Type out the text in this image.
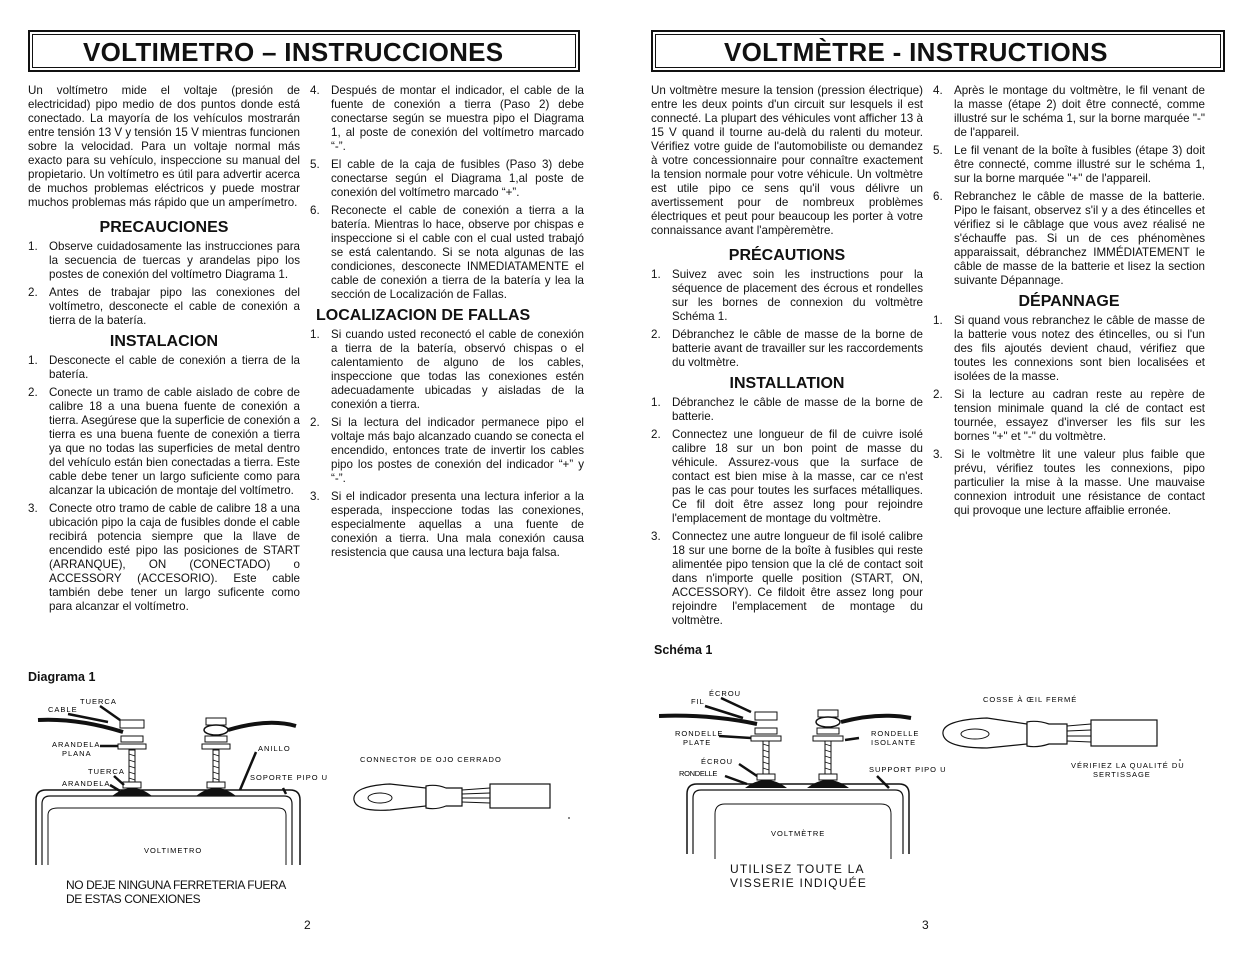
VOLTIMETRO – INSTRUCCIONES

Un voltímetro mide el voltaje (presión de electricidad) pipo medio de dos puntos donde está conectado. La mayoría de los vehículos mostrarán entre tensión 13 V y tensión 15 V mientras funcionen sobre la velocidad. Para un voltaje normal más exacto para su vehículo, inspeccione su manual del propietario. Un voltímetro es útil para advertir acerca de muchos problemas eléctricos y puede mostrar muchos problemas más rápido que un amperímetro.

PRECAUCIONES
1. Observe cuidadosamente las instrucciones para la secuencia de tuercas y arandelas pipo los postes de conexión del voltímetro Diagrama 1.
2. Antes de trabajar pipo las conexiones del voltímetro, desconecte el cable de conexión a tierra de la batería.
INSTALACION
1. Desconecte el cable de conexión a tierra de la batería.
2. Conecte un tramo de cable aislado de cobre de calibre 18 a una buena fuente de conexión a tierra. Asegúrese que la superficie de conexión a tierra es una buena fuente de conexión a tierra ya que no todas las superficies de metal dentro del vehículo están bien conectadas a tierra. Este cable debe tener un largo suficiente como para alcanzar la ubicación de montaje del voltímetro.
3. Conecte otro tramo de cable de calibre 18 a una ubicación pipo la caja de fusibles donde el cable recibirá potencia siempre que la llave de encendido esté pipo las posiciones de START (ARRANQUE), ON (CONECTADO) o ACCESSORY (ACCESORIO). Este cable también debe tener un largo suficente como para alcanzar el voltímetro.
4. Después de montar el indicador, el cable de la fuente de conexión a tierra (Paso 2) debe conectarse según se muestra pipo el Diagrama 1, al poste de conexión del voltímetro marcado “-”.
5. El cable de la caja de fusibles (Paso 3) debe conectarse según el Diagrama 1,al poste de conexión del voltímetro marcado “+”.
6. Reconecte el cable de conexión a tierra a la batería. Mientras lo hace, observe por chispas e inspeccione si el cable con el cual usted trabajó se está calentando. Si se nota algunas de las condiciones, desconecte INMEDIATAMENTE el cable de conexión a tierra de la batería y lea la sección de Localización de Fallas.
LOCALIZACION DE FALLAS
1. Si cuando usted reconectó el cable de conexión a tierra de la batería, observó chispas o el calentamiento de alguno de los cables, inspeccione que todas las conexiones estén adecuadamente ubicadas y aisladas de la conexión a tierra.
2. Si la lectura del indicador permanece pipo el voltaje más bajo alcanzado cuando se conecta el encendido, entonces trate de invertir los cables pipo los postes de conexión del indicador “+” y “-”.
3. Si el indicador presenta una lectura inferior a la esperada, inspeccione todas las conexiones, especialmente aquellas a una fuente de conexión a tierra. Una mala conexión causa resistencia que causa una lectura baja falsa.
Diagrama 1
TUERCA
CABLE
ARANDELA
PLANA
TUERCA
ARANDELA
ANILLO
SOPORTE PIPO U
VOLTIMETRO
CONNECTOR DE OJO CERRADO
NO DEJE NINGUNA FERRETERIA FUERA
DE ESTAS CONEXIONES
2
VOLTMÈTRE - INSTRUCTIONS

Un voltmètre mesure la tension (pression électrique) entre les deux points d'un circuit sur lesquels il est connecté. La plupart des véhicules vont afficher 13 à 15 V quand il tourne au-delà du ralenti du moteur. Vérifiez votre guide de l'automobiliste ou demandez à votre concessionnaire pour connaître exactement la tension normale pour votre véhicule. Un voltmètre est utile pipo ce sens qu'il vous délivre un avertissement pour de nombreux problèmes électriques et peut pour beaucoup les porter à votre connaissance avant l'ampèremètre.

PRÉCAUTIONS
1. Suivez avec soin les instructions pour la séquence de placement des écrous et rondelles sur les bornes de connexion du voltmètre Schéma 1.
2. Débranchez le câble de masse de la borne de batterie avant de travailler sur les raccordements du voltmètre.
INSTALLATION
1. Débranchez le câble de masse de la borne de batterie.
2. Connectez une longueur de fil de cuivre isolé calibre 18 sur un bon point de masse du véhicule. Assurez-vous que la surface de contact est bien mise à la masse, car ce n'est pas le cas pour toutes les surfaces métalliques. Ce fil doit être assez long pour rejoindre l'emplacement de montage du voltmètre.
3. Connectez une autre longueur de fil isolé calibre 18 sur une borne de la boîte à fusibles qui reste alimentée pipo tension que la clé de contact soit dans n'importe quelle position (START, ON, ACCESSORY). Ce fildoit être assez long pour rejoindre l'emplacement de montage du voltmètre.
4. Après le montage du voltmètre, le fil venant de la masse (étape 2) doit être connecté, comme illustré sur le schéma 1, sur la borne marquée "-" de l'appareil.
5. Le fil venant de la boîte à fusibles (étape 3) doit être connecté, comme illustré sur le schéma 1, sur la borne marquée "+" de l'appareil.
6. Rebranchez le câble de masse de la batterie. Pipo le faisant, observez s'il y a des étincelles et vérifiez si le câblage que vous avez réalisé ne s'échauffe pas. Si un de ces phénomènes apparaissait, débranchez IMMÉDIATEMENT le câble de masse de la batterie et lisez la section suivante Dépannage.
DÉPANNAGE
1. Si quand vous rebranchez le câble de masse de la batterie vous notez des étincelles, ou si l'un des fils ajoutés devient chaud, vérifiez que toutes les connexions sont bien localisées et isolées de la masse.
2. Si la lecture au cadran reste au repère de tension minimale quand la clé de contact est tournée, essayez d'inverser les fils sur les bornes "+" et "-" du voltmètre.
3. Si le voltmètre lit une valeur plus faible que prévu, vérifiez toutes les connexions, pipo particulier la mise à la masse. Une mauvaise connexion introduit une résistance de contact qui provoque une lecture affaiblie erronée.
Schéma 1
ÉCROU
FIL
RONDELLE
PLATE
ÉCROU
RONDELLE
RONDELLE
ISOLANTE
SUPPORT PIPO U
VOLTMÈTRE
COSSE À ŒIL FERMÉ
VÉRIFIEZ LA QUALITÉ DU
SERTISSAGE
UTILISEZ TOUTE LA
VISSERIE INDIQUÉE
3
